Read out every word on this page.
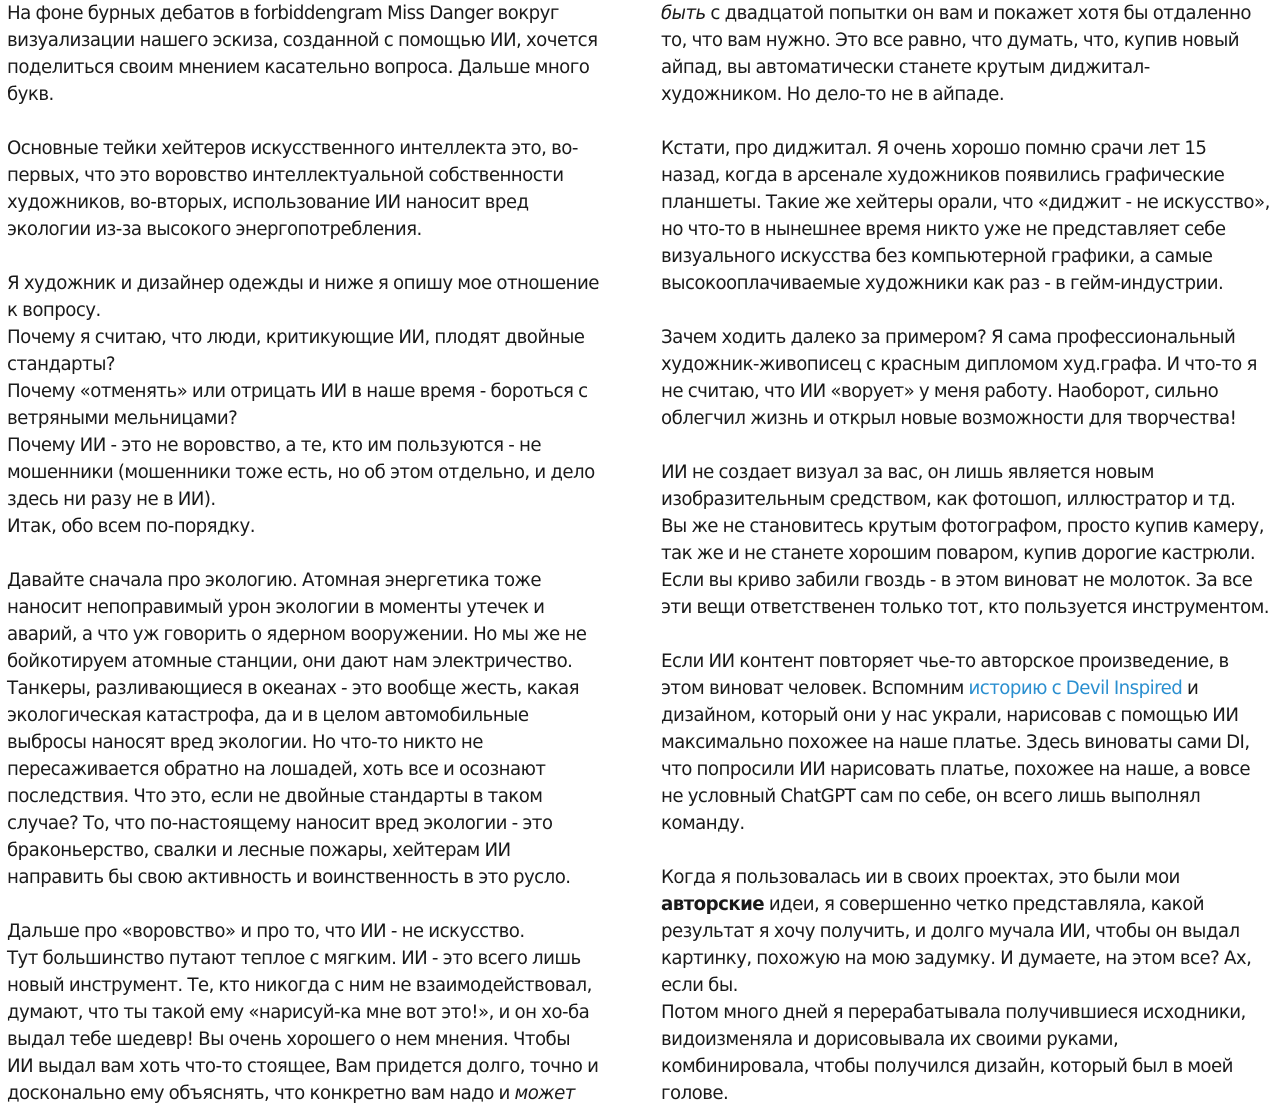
На фоне бурных дебатов в forbiddengram Miss Danger вокруг
визуализации нашего эскиза, созданной с помощью ИИ, хочется
поделиться своим мнением касательно вопроса. Дальше много
букв.
Основные тейки хейтеров искусственного интеллекта это, во-
первых, что это воровство интеллектуальной собственности
художников, во-вторых, использование ИИ наносит вред
экологии из-за высокого энергопотребления.
Я художник и дизайнер одежды и ниже я опишу мое отношение
к вопросу.
Почему я считаю, что люди, критикующие ИИ, плодят двойные
стандарты?
Почему «отменять» или отрицать ИИ в наше время - бороться с
ветряными мельницами?
Почему ИИ - это не воровство, а те, кто им пользуются - не
мошенники (мошенники тоже есть, но об этом отдельно, и дело
здесь ни разу не в ИИ).
Итак, обо всем по-порядку.
Давайте сначала про экологию. Атомная энергетика тоже
наносит непоправимый урон экологии в моменты утечек и
аварий, а что уж говорить о ядерном вооружении. Но мы же не
бойкотируем атомные станции, они дают нам электричество.
Танкеры, разливающиеся в океанах - это вообще жесть, какая
экологическая катастрофа, да и в целом автомобильные
выбросы наносят вред экологии. Но что-то никто не
пересаживается обратно на лошадей, хоть все и осознают
последствия. Что это, если не двойные стандарты в таком
случае? То, что по-настоящему наносит вред экологии - это
браконьерство, свалки и лесные пожары, хейтерам ИИ
направить бы свою активность и воинственность в это русло.
Дальше про «воровство» и про то, что ИИ - не искусство.
Тут большинство путают теплое с мягким. ИИ - это всего лишь
новый инструмент. Те, кто никогда с ним не взаимодействовал,
думают, что ты такой ему «нарисуй-ка мне вот это!», и он хо-ба
выдал тебе шедевр! Вы очень хорошего о нем мнения. Чтобы
ИИ выдал вам хоть что-то стоящее, Вам придется долго, точно и
досконально ему объяснять, что конкретно вам надо и может
быть с двадцатой попытки он вам и покажет хотя бы отдаленно
то, что вам нужно. Это все равно, что думать, что, купив новый
айпад, вы автоматически станете крутым диджитал-
художником. Но дело-то не в айпаде.
Кстати, про диджитал. Я очень хорошо помню срачи лет 15
назад, когда в арсенале художников появились графические
планшеты. Такие же хейтеры орали, что «диджит - не искусство»,
но что-то в нынешнее время никто уже не представляет себе
визуального искусства без компьютерной графики, а самые
высокооплачиваемые художники как раз - в гейм-индустрии.
Зачем ходить далеко за примером? Я сама профессиональный
художник-живописец с красным дипломом худ.графа. И что-то я
не считаю, что ИИ «ворует» у меня работу. Наоборот, сильно
облегчил жизнь и открыл новые возможности для творчества!
ИИ не создает визуал за вас, он лишь является новым
изобразительным средством, как фотошоп, иллюстратор и тд.
Вы же не становитесь крутым фотографом, просто купив камеру,
так же и не станете хорошим поваром, купив дорогие кастрюли.
Если вы криво забили гвоздь - в этом виноват не молоток. За все
эти вещи ответственен только тот, кто пользуется инструментом.
Если ИИ контент повторяет чье-то авторское произведение, в
этом виноват человек. Вспомним историю с Devil Inspired и
дизайном, который они у нас украли, нарисовав с помощью ИИ
максимально похожее на наше платье. Здесь виноваты сами DI,
что попросили ИИ нарисовать платье, похожее на наше, а вовсе
не условный ChatGPT сам по себе, он всего лишь выполнял
команду.
Когда я пользовалась ии в своих проектах, это были мои
авторские идеи, я совершенно четко представляла, какой
результат я хочу получить, и долго мучала ИИ, чтобы он выдал
картинку, похожую на мою задумку. И думаете, на этом все? Ах,
если бы.
Потом много дней я перерабатывала получившиеся исходники,
видоизменяла и дорисовывала их своими руками,
комбинировала, чтобы получился дизайн, который был в моей
голове.
